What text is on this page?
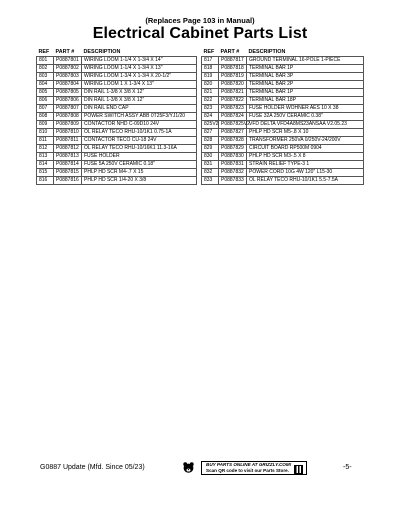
(Replaces Page 103 in Manual)
Electrical Cabinet Parts List
REF	PART #	DESCRIPTION
801	P0887801	WIRING LOOM 1-1/4 X 1-3/4 X 14"
802	P0887802	WIRING LOOM 1-1/4 X 1-3/4 X 13"
803	P0887803	WIRING LOOM 1-3/4 X 1-3/4 X 20-1/2"
804	P0887804	WIRING LOOM 1 X 1-3/4 X 13"
805	P0887805	DIN RAIL 1-3/8 X 3/8 X 12"
806	P0887806	DIN RAIL 1-3/8 X 3/8 X 12"
807	P0887807	DIN RAIL END CAP
808	P0887808	POWER SWITCH ASSY ABB 0T25F3/YJ1/20
809	P0887809	CONTACTOR NHD C-09D10 24V
810	P0887810	OL RELAY TECO RHU-10/1K1 0.75-1A
811	P0887811	CONTACTOR TECO CU-18 24V
812	P0887812	OL RELAY TECO RHU-10/16K1 11.3-16A
813	P0887813	FUSE HOLDER
814	P0887814	FUSE 5A 250V CERAMIC 0.18"
815	P0887815	PHLP HD SCR M4-.7 X 15
816	P0887816	PHLP HD SCR 1/4-20 X 3/8
REF	PART #	DESCRIPTION
817	P0887817	GROUND TERMINAL 16-POLE 1-PIECE
818	P0887818	TERMINAL BAR 1P
819	P0887819	TERMINAL BAR 3P
820	P0887820	TERMINAL BAR 2P
821	P0887821	TERMINAL BAR 1P
822	P0887822	TERMINAL BAR 18P
823	P0887823	FUSE HOLDER WOHNER AES 10 X 38
824	P0887824	FUSE 32A 250V CERAMIC 0.38"
825V2	P0887825V2	VFD DELTA VFD4A8MS23ANSAA V2.05.23
827	P0887827	PHLP HD SCR M5-.8 X 10
828	P0887828	TRANSFORMER 250VA 0/250V-24/200V
829	P0887829	CIRCUIT BOARD RP500M 0904
830	P0887830	PHLP HD SCR M3-.5 X 8
831	P0887831	STRAIN RELIEF TYPE-3 1
832	P0887832	POWER CORD 10G 4W 120" L15-30
833	P0887833	OL RELAY TECO RHU-10/1K1 5.5-7.5A
G0887 Update (Mfd. Since 05/23)	BUY PARTS ONLINE AT GRIZZLY.COM!
Scan QR code to visit our Parts Store.	-5-
